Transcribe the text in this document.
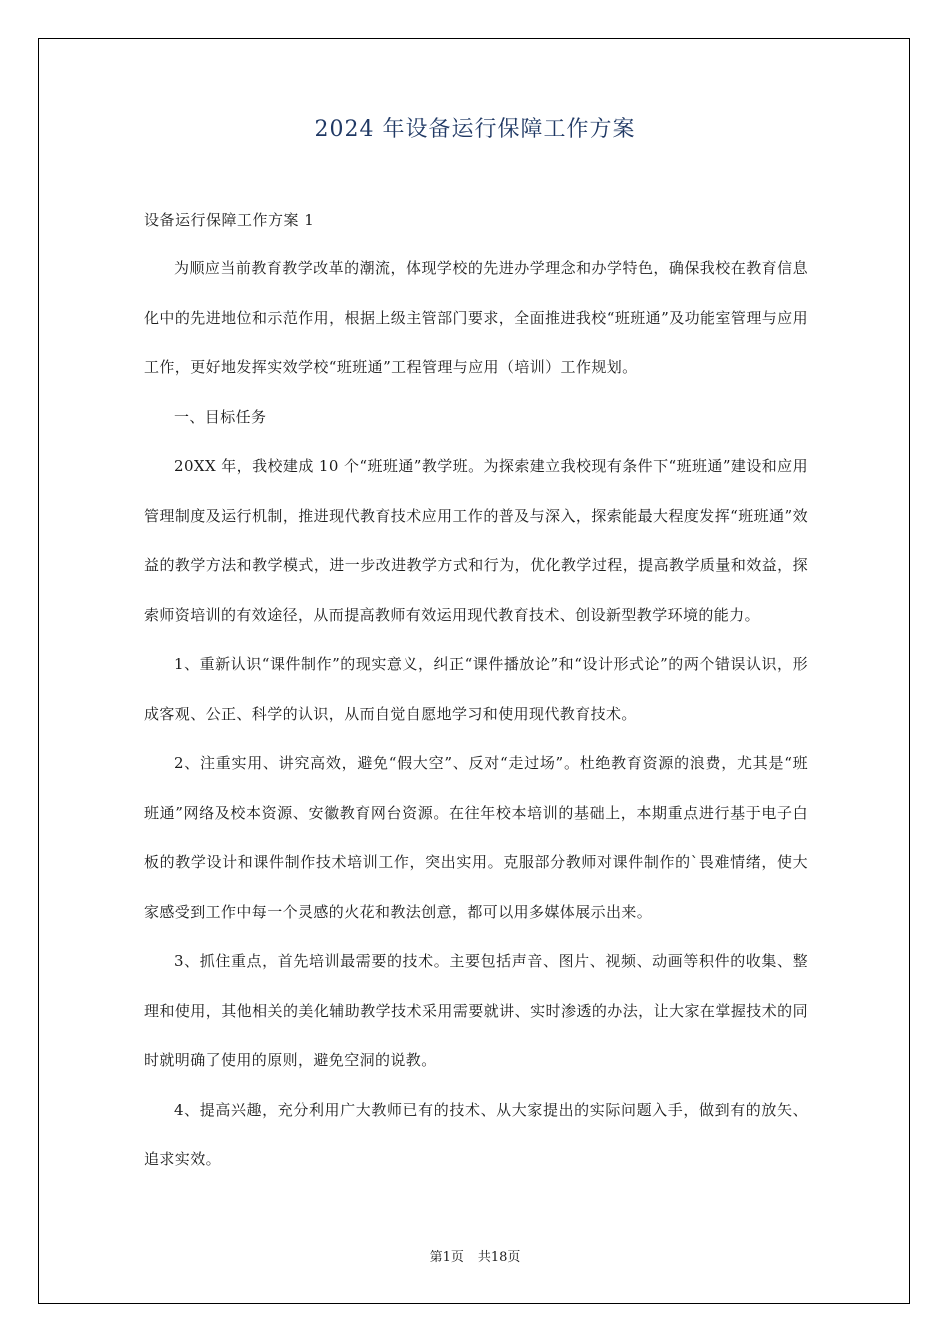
2024 年设备运行保障工作方案

设备运行保障工作方案 1

为顺应当前教育教学改革的潮流，体现学校的先进办学理念和办学特色，确保我校在教育信息化中的先进地位和示范作用，根据上级主管部门要求，全面推进我校“班班通”及功能室管理与应用工作，更好地发挥实效学校“班班通”工程管理与应用（培训）工作规划。

一、目标任务

20XX 年，我校建成 10 个“班班通”教学班。为探索建立我校现有条件下“班班通”建设和应用管理制度及运行机制，推进现代教育技术应用工作的普及与深入，探索能最大程度发挥“班班通”效益的教学方法和教学模式，进一步改进教学方式和行为，优化教学过程，提高教学质量和效益，探索师资培训的有效途径，从而提高教师有效运用现代教育技术、创设新型教学环境的能力。

1、重新认识“课件制作”的现实意义，纠正“课件播放论”和“设计形式论”的两个错误认识，形成客观、公正、科学的认识，从而自觉自愿地学习和使用现代教育技术。

2、注重实用、讲究高效，避免“假大空”、反对“走过场”。杜绝教育资源的浪费，尤其是“班班通”网络及校本资源、安徽教育网台资源。在往年校本培训的基础上，本期重点进行基于电子白板的教学设计和课件制作技术培训工作，突出实用。克服部分教师对课件制作的`畏难情绪，使大家感受到工作中每一个灵感的火花和教法创意，都可以用多媒体展示出来。

3、抓住重点，首先培训最需要的技术。主要包括声音、图片、视频、动画等积件的收集、整理和使用，其他相关的美化辅助教学技术采用需要就讲、实时渗透的办法，让大家在掌握技术的同时就明确了使用的原则，避免空洞的说教。

4、提高兴趣，充分利用广大教师已有的技术、从大家提出的实际问题入手，做到有的放矢、追求实效。

第1页 共18页
